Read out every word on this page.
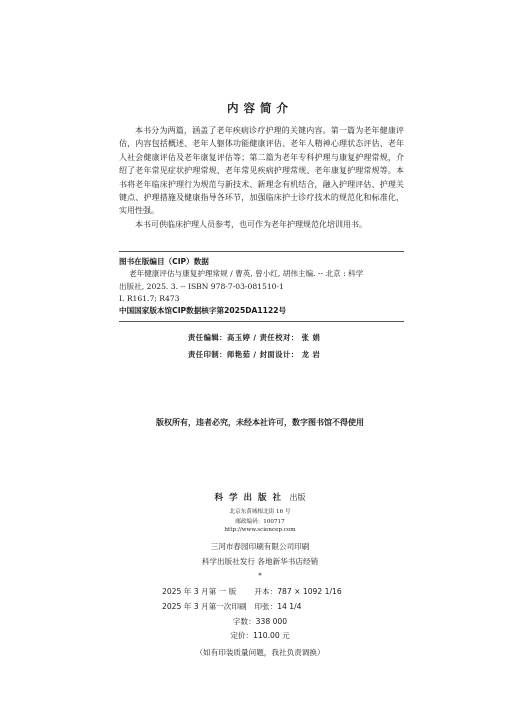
内容简介

本书分为两篇，涵盖了老年疾病诊疗护理的关键内容。第一篇为老年健康评估，内容包括概述、老年人躯体功能健康评估、老年人精神心理状态评估、老年人社会健康评估及老年康复评估等；第二篇为老年专科护理与康复护理常规，介绍了老年常见症状护理常规、老年常见疾病护理常规、老年康复护理常规等。本书将老年临床护理行为规范与新技术、新理念有机结合，融入护理评估、护理关键点、护理措施及健康指导各环节，加强临床护士诊疗技术的规范化和标准化，实用性强。

本书可供临床护理人员参考，也可作为老年护理规范化培训用书。

图书在版编目（CIP）数据
老年健康评估与康复护理常规 / 曹英, 曾小红, 胡伟主编. -- 北京 : 科学
出版社, 2025. 3. -- ISBN 978-7-03-081510-1
Ⅰ. R161.7; R473
中国国家版本馆CIP数据核字第2025DA1122号
责任编辑：高玉婷 / 责任校对： 张 娟
责任印制：师艳茹 / 封面设计： 龙 岩
版权所有，违者必究，未经本社许可，数字图书馆不得使用
科学出版社 出版
北京东黄城根北街 16 号
邮政编码：100717
http://www.sciencep.com
三河市春园印刷有限公司印刷
科学出版社发行 各地新华书店经销
*
2025 年 3 月第 一 版 开本：787 × 1092 1/16
2025 年 3 月第一次印刷 印张：14 1/4
字数：338 000
定价：110.00 元
（如有印装质量问题，我社负责调换）
